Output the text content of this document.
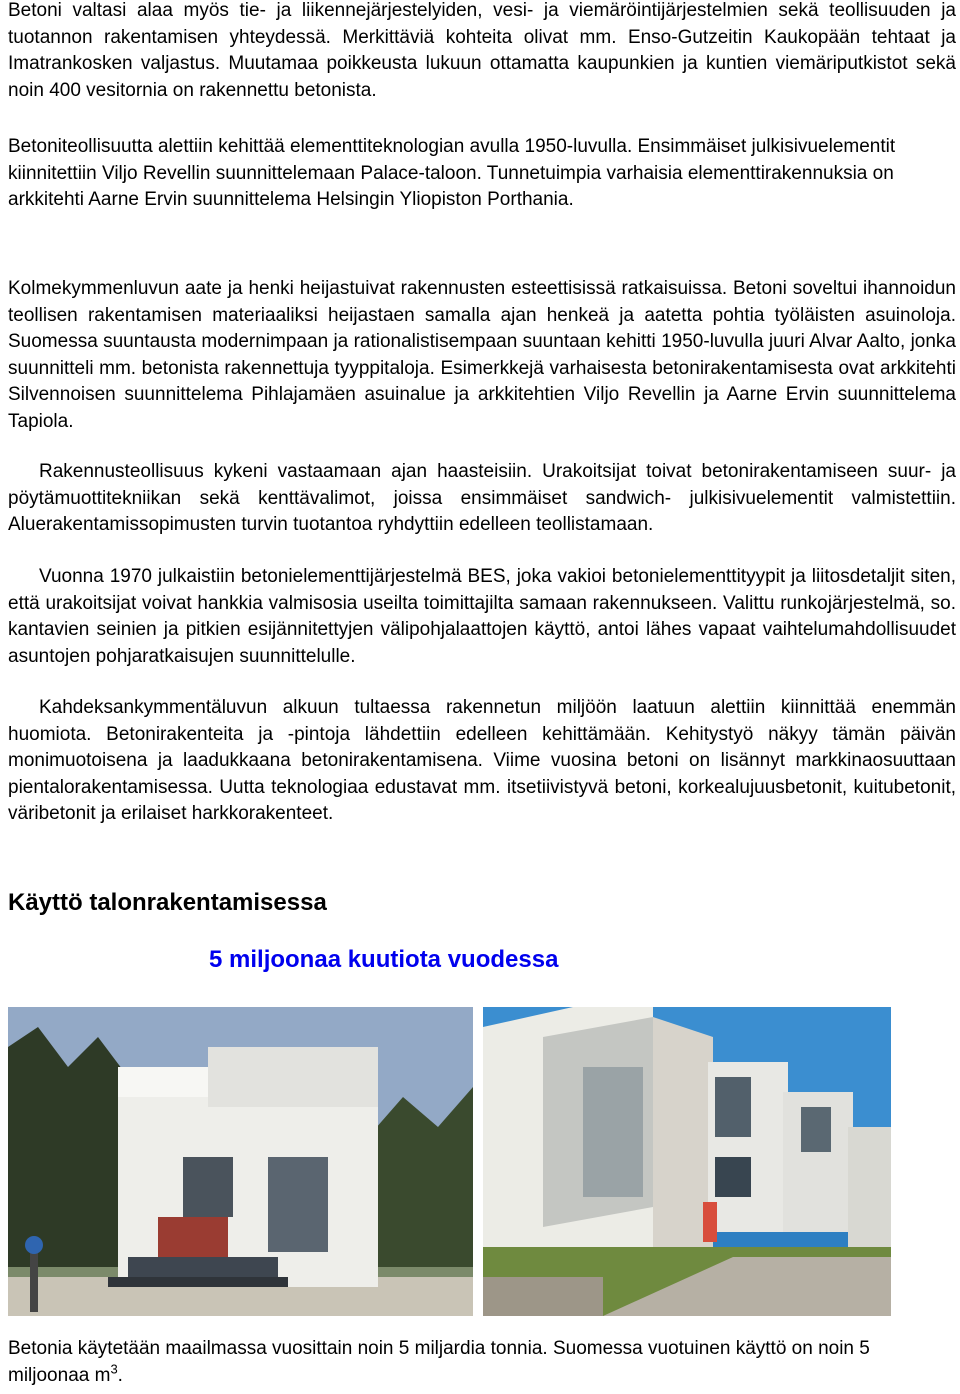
Betoni valtasi alaa myös tie- ja liikennejärjestelyiden, vesi- ja viemäröintijärjestelmien sekä teollisuuden ja tuotannon rakentamisen yhteydessä. Merkittäviä kohteita olivat mm. Enso-Gutzeitin Kaukopään tehtaat ja Imatrankosken valjastus. Muutamaa poikkeusta lukuun ottamatta kaupunkien ja kuntien viemäriputkistot sekä noin 400 vesitornia on rakennettu betonista.

Betoniteollisuutta alettiin kehittää elementtiteknologian avulla 1950-luvulla. Ensimmäiset julkisivuelementit kiinnitettiin Viljo Revellin suunnittelemaan Palace-taloon. Tunnetuimpia varhaisia elementtirakennuksia on arkkitehti Aarne Ervin suunnittelema Helsingin Yliopiston Porthania.

Kolmekymmenluvun aate ja henki heijastuivat rakennusten esteettisissä ratkaisuissa. Betoni soveltui ihannoidun teollisen rakentamisen materiaaliksi heijastaen samalla ajan henkeä ja aatetta pohtia työläisten asuinoloja. Suomessa suuntausta modernimpaan ja rationalistisempaan suuntaan kehitti 1950-luvulla juuri Alvar Aalto, jonka suunnitteli mm. betonista rakennettuja tyyppitaloja. Esimerkkejä varhaisesta betonirakentamisesta ovat arkkitehti Silvennoisen suunnittelema Pihlajamäen asuinalue ja arkkitehtien Viljo Revellin ja Aarne Ervin suunnittelema Tapiola.

Rakennusteollisuus kykeni vastaamaan ajan haasteisiin. Urakoitsijat toivat betonirakentamiseen suur- ja pöytämuottitekniikan sekä kenttävalimot, joissa ensimmäiset sandwich- julkisivuelementit valmistettiin. Aluerakentamissopimusten turvin tuotantoa ryhdyttiin edelleen teollistamaan.

Vuonna 1970 julkaistiin betonielementtijärjestelmä BES, joka vakioi betonielementtityypit ja liitosdetaljit siten, että urakoitsijat voivat hankkia valmisosia useilta toimittajilta samaan rakennukseen. Valittu runkojärjestelmä, so. kantavien seinien ja pitkien esijännitettyjen välipohjalaattojen käyttö, antoi lähes vapaat vaihtelumahdollisuudet asuntojen pohjaratkaisujen suunnittelulle.

Kahdeksankymmentäluvun alkuun tultaessa rakennetun miljöön laatuun alettiin kiinnittää enemmän huomiota. Betonirakenteita ja -pintoja lähdettiin edelleen kehittämään. Kehitystyö näkyy tämän päivän monimuotoisena ja laadukkaana betonirakentamisena. Viime vuosina betoni on lisännyt markkinaosuuttaan pientalorakentamisessa. Uutta teknologiaa edustavat mm. itsetiivistyvä betoni, korkealujuusbetonit, kuitubetonit, väribetonit ja erilaiset harkkorakenteet.

Käyttö talonrakentamisessa
5 miljoonaa kuutiota vuodessa

Betonia käytetään maailmassa vuosittain noin 5 miljardia tonnia. Suomessa vuotuinen käyttö on noin 5 miljoonaa $m^3$.
